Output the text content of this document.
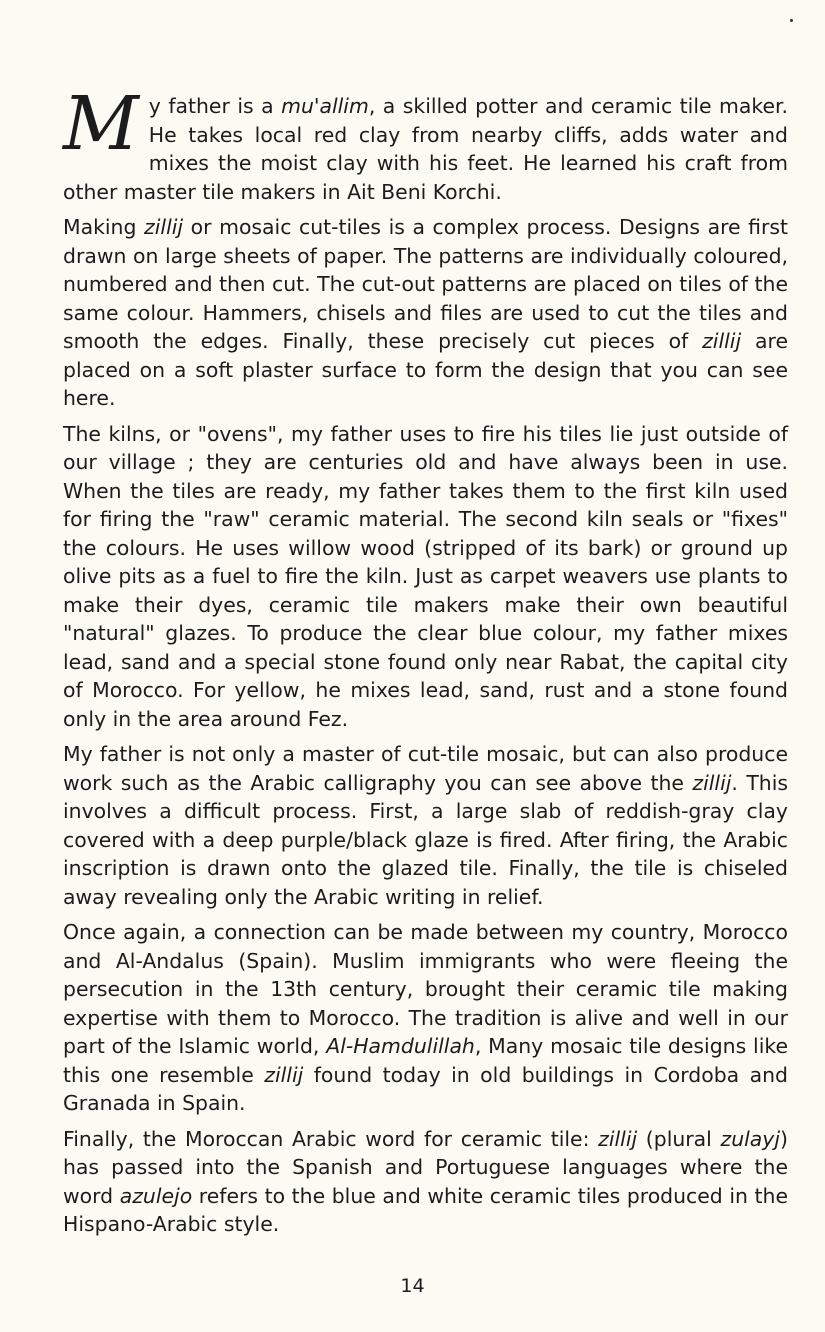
My father is a mu'allim, a skilled potter and ceramic tile maker. He takes local red clay from nearby cliffs, adds water and mixes the moist clay with his feet. He learned his craft from other master tile makers in Ait Beni Korchi.

Making zillij or mosaic cut-tiles is a complex process. Designs are first drawn on large sheets of paper. The patterns are individually coloured, numbered and then cut. The cut-out patterns are placed on tiles of the same colour. Hammers, chisels and files are used to cut the tiles and smooth the edges. Finally, these precisely cut pieces of zillij are placed on a soft plaster surface to form the design that you can see here.

The kilns, or "ovens", my father uses to fire his tiles lie just outside of our village ; they are centuries old and have always been in use. When the tiles are ready, my father takes them to the first kiln used for firing the "raw" ceramic material. The second kiln seals or "fixes" the colours. He uses willow wood (stripped of its bark) or ground up olive pits as a fuel to fire the kiln. Just as carpet weavers use plants to make their dyes, ceramic tile makers make their own beautiful "natural" glazes. To produce the clear blue colour, my father mixes lead, sand and a special stone found only near Rabat, the capital city of Morocco. For yellow, he mixes lead, sand, rust and a stone found only in the area around Fez.

My father is not only a master of cut-tile mosaic, but can also produce work such as the Arabic calligraphy you can see above the zillij. This involves a difficult process. First, a large slab of reddish-gray clay covered with a deep purple/black glaze is fired. After firing, the Arabic inscription is drawn onto the glazed tile. Finally, the tile is chiseled away revealing only the Arabic writing in relief.

Once again, a connection can be made between my country, Morocco and Al-Andalus (Spain). Muslim immigrants who were fleeing the persecution in the 13th century, brought their ceramic tile making expertise with them to Morocco. The tradition is alive and well in our part of the Islamic world, Al-Hamdulillah, Many mosaic tile designs like this one resemble zillij found today in old buildings in Cordoba and Granada in Spain.

Finally, the Moroccan Arabic word for ceramic tile: zillij (plural zulayj) has passed into the Spanish and Portuguese languages where the word azulejo refers to the blue and white ceramic tiles produced in the Hispano-Arabic style.

14
